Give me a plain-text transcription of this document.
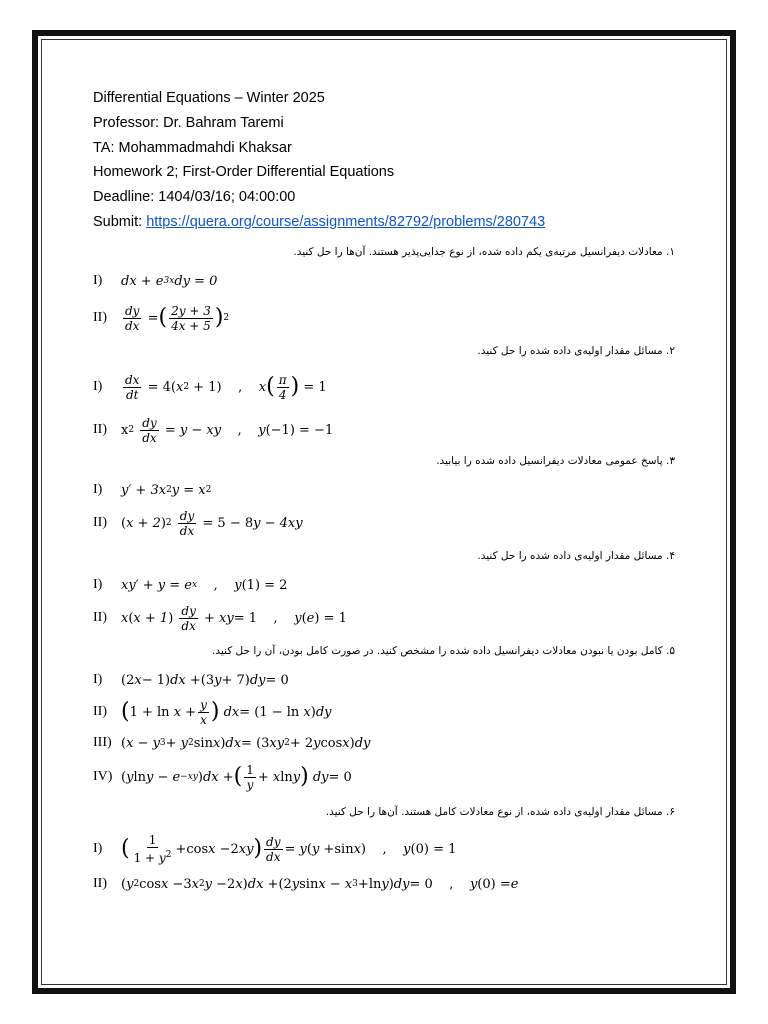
Differential Equations – Winter 2025
Professor: Dr. Bahram Taremi
TA: Mohammadmahdi Khaksar
Homework 2; First-Order Differential Equations
Deadline: 1404/03/16; 04:00:00
Submit: https://quera.org/course/assignments/82792/problems/280743
۱. معادلات دیفرانسیل مرتبه‌ی یکم داده شده، از نوع جدایی‌پذیر هستند. آن‌ها را حل کنید.
I)	dx + e 3x dy = 0
II)	$\frac{dy}{dx}$ = ( $\frac{2y + 3}{4x + 5}$ ) 2
۲. مسائل مقدار اولیه‌ی داده شده را حل کنید.
I)	$\frac{dx}{dt}$
= 4( x 2 + 1)
, x ( $\frac{\pi}{4}$ )
= 1
II)	x 2
$\frac{dy}{dx}$
= y − xy , y (−1) = −1
۳. پاسخ عمومی معادلات دیفرانسیل داده شده را بیابید.
I)	y′ + 3x 2 y = x 2
II)	( x + 2 ) 2
$\frac{dy}{dx}$
= 5 − 8 y − 4xy
۴. مسائل مقدار اولیه‌ی داده شده را حل کنید.
I)	xy′ + y = e x
, y (1) = 2
II)	x ( x + 1 )
$\frac{dy}{dx}$ + xy = 1
, y ( e ) = 1
۵. کامل بودن یا نبودن معادلات دیفرانسیل داده شده را مشخص کنید. در صورت کامل بودن، آن را حل کنید.
I)	(2 x − 1) dx + (3 y + 7) dy = 0
II) ( $1 + \ln x + \frac{y}{x}$ ) dx = (1 − ln x ) dy
III) ( x − y 3 + y 2 sin x ) dx = (3 xy 2 + 2 y cos x ) dy
IV) ( y ln y − e −xy ) dx + ( $\frac{1}{y} + x$ ln y ) dy = 0
۶. مسائل مقدار اولیه‌ی داده شده، از نوع معادلات کامل هستند. آن‌ها را حل کنید.
I) ( $\frac{1}{1 + y^2} + \cos x - 2$ xy ) $\frac{dy}{dx} = y$ ( y + sin x )
, y (0) = 1
II)	( y 2 cos x − 3 x 2 y − 2 x ) dx + (2 y sin x − x 3 + ln y ) dy = 0
, y (0) = e
